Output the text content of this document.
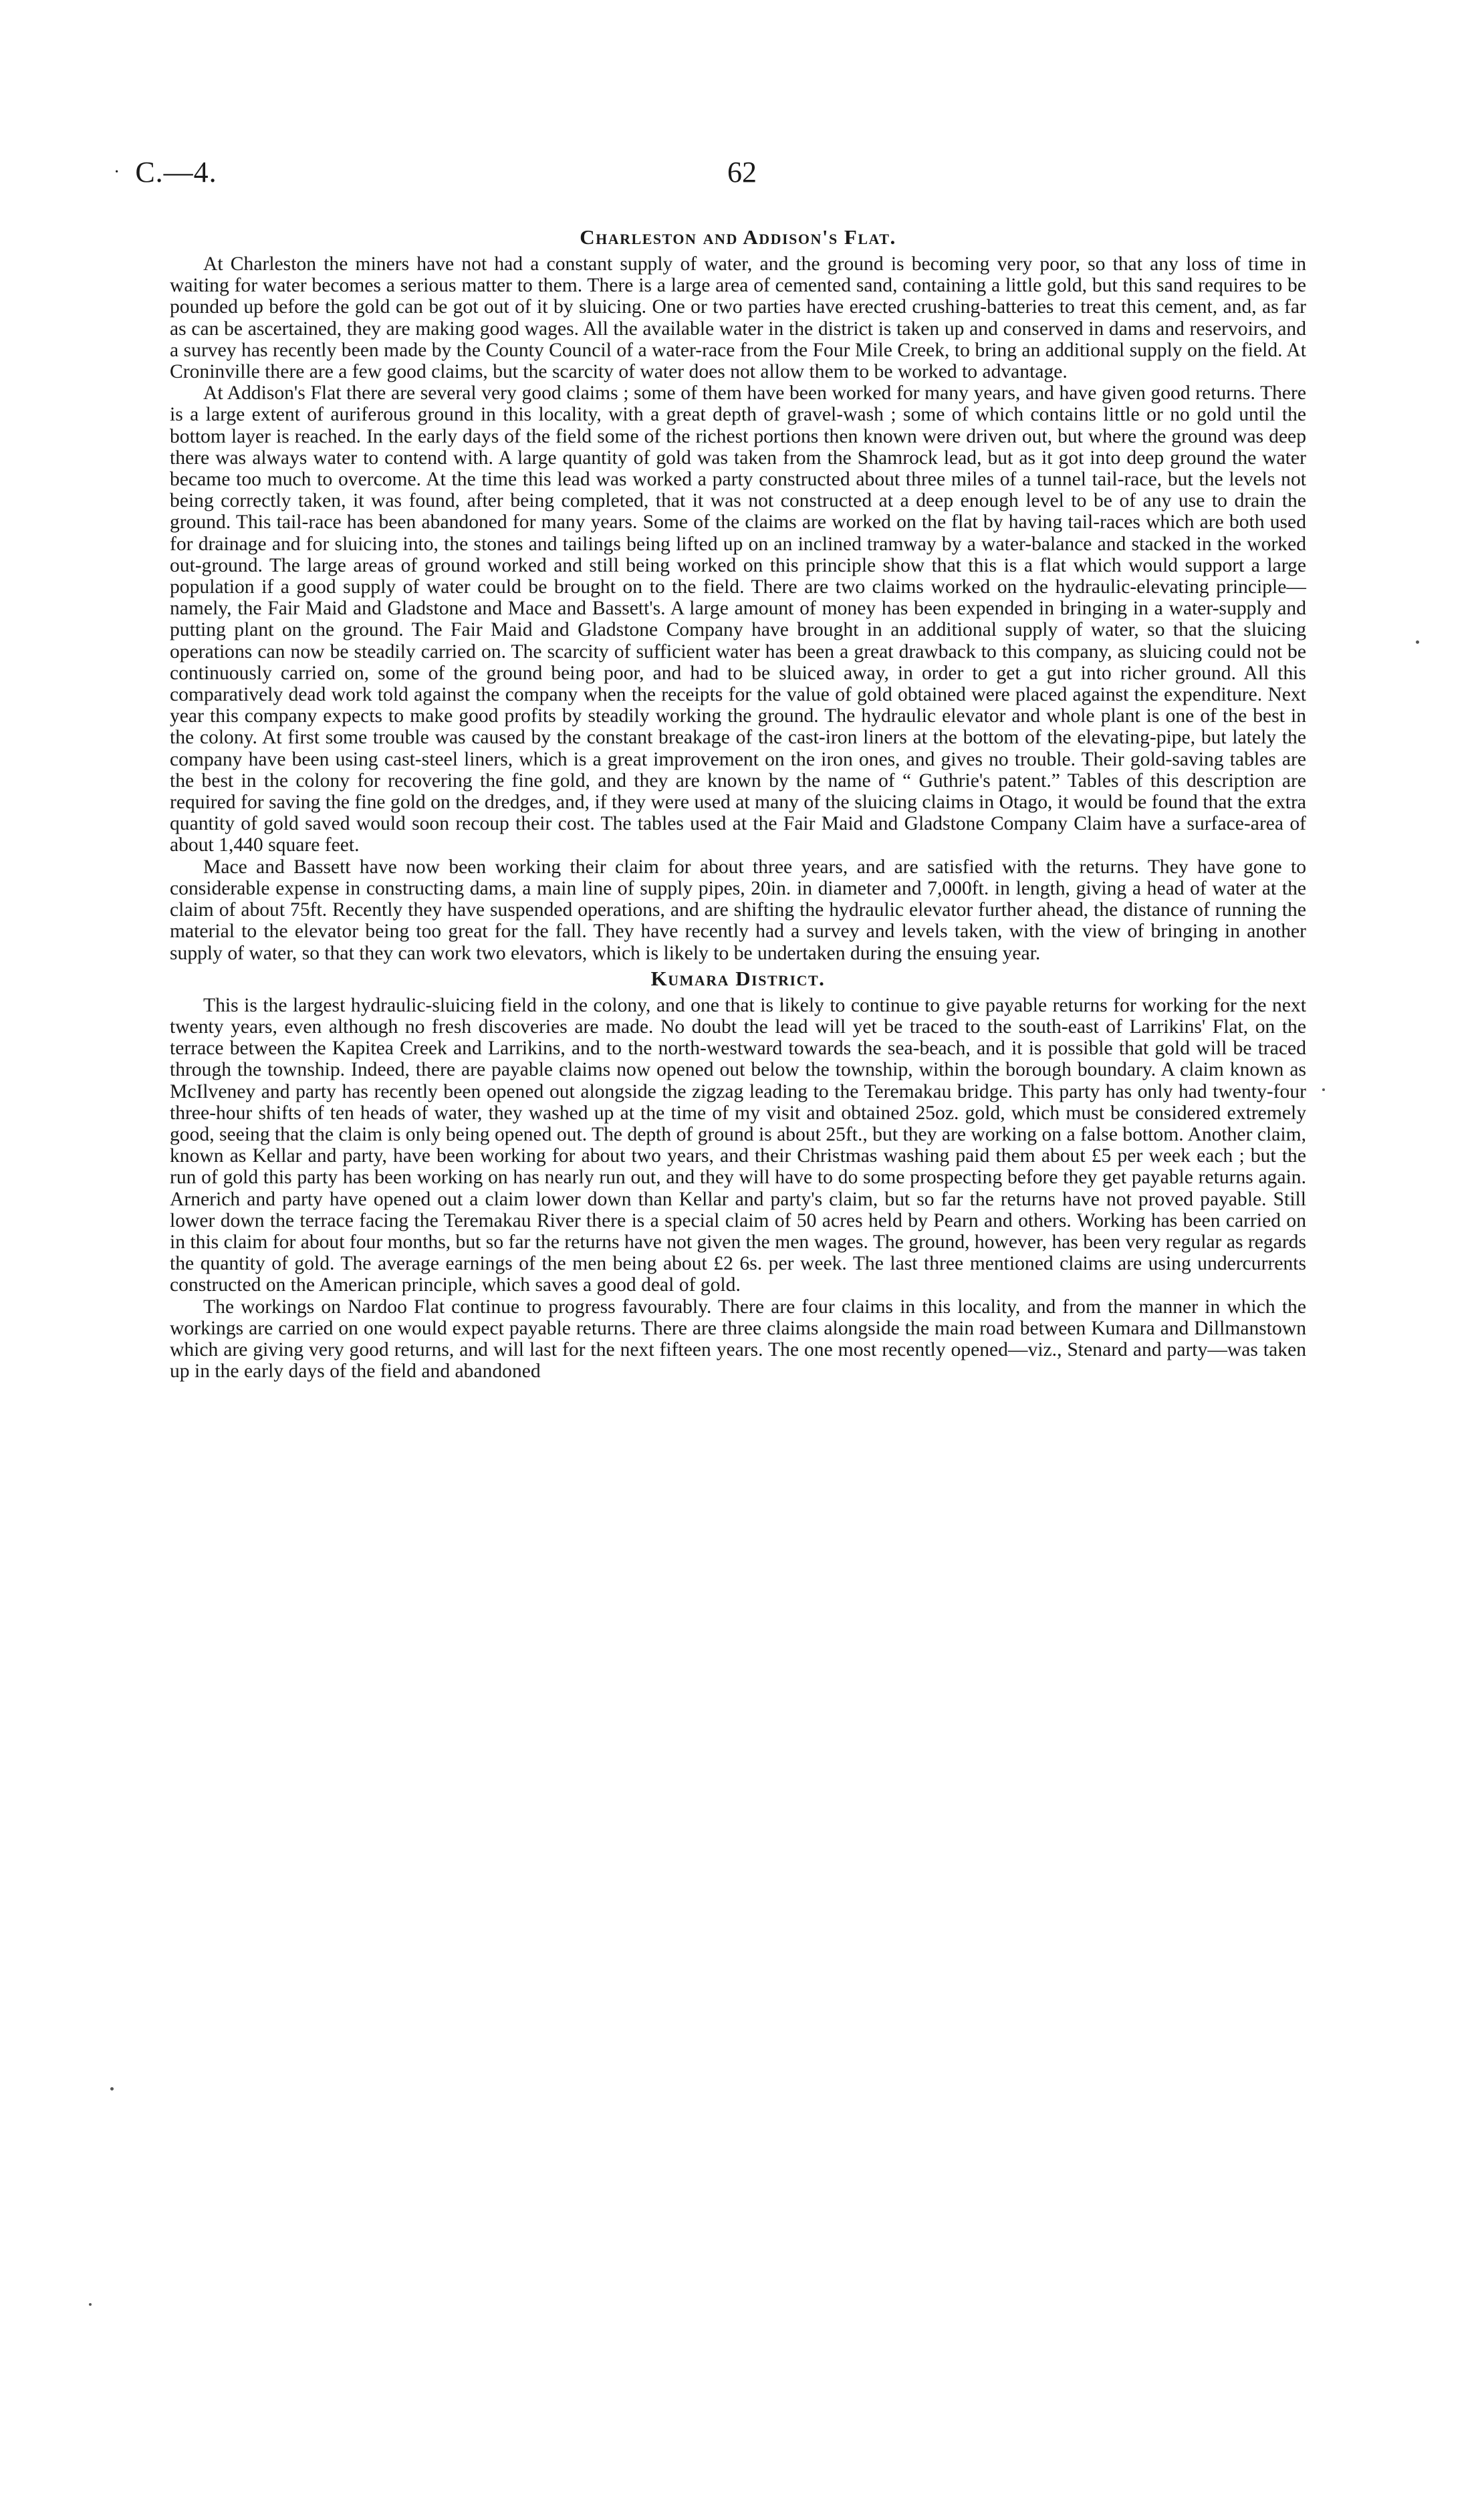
· C.—4.	62
Charleston and Addison's Flat.

At Charleston the miners have not had a constant supply of water, and the ground is becoming very poor, so that any loss of time in waiting for water becomes a serious matter to them. There is a large area of cemented sand, containing a little gold, but this sand requires to be pounded up before the gold can be got out of it by sluicing. One or two parties have erected crushing-batteries to treat this cement, and, as far as can be ascertained, they are making good wages. All the available water in the district is taken up and conserved in dams and reservoirs, and a survey has recently been made by the County Council of a water-race from the Four Mile Creek, to bring an additional supply on the field. At Croninville there are a few good claims, but the scarcity of water does not allow them to be worked to advantage.

At Addison's Flat there are several very good claims ; some of them have been worked for many years, and have given good returns. There is a large extent of auriferous ground in this locality, with a great depth of gravel-wash ; some of which contains little or no gold until the bottom layer is reached. In the early days of the field some of the richest portions then known were driven out, but where the ground was deep there was always water to contend with. A large quantity of gold was taken from the Shamrock lead, but as it got into deep ground the water became too much to overcome. At the time this lead was worked a party constructed about three miles of a tunnel tail-race, but the levels not being correctly taken, it was found, after being completed, that it was not constructed at a deep enough level to be of any use to drain the ground. This tail-race has been abandoned for many years. Some of the claims are worked on the flat by having tail-races which are both used for drainage and for sluicing into, the stones and tailings being lifted up on an inclined tramway by a water-balance and stacked in the worked out-ground. The large areas of ground worked and still being worked on this principle show that this is a flat which would support a large population if a good supply of water could be brought on to the field. There are two claims worked on the hydraulic-elevating principle—namely, the Fair Maid and Gladstone and Mace and Bassett's. A large amount of money has been expended in bringing in a water-supply and putting plant on the ground. The Fair Maid and Gladstone Company have brought in an additional supply of water, so that the sluicing operations can now be steadily carried on. The scarcity of sufficient water has been a great drawback to this company, as sluicing could not be continuously carried on, some of the ground being poor, and had to be sluiced away, in order to get a gut into richer ground. All this comparatively dead work told against the company when the receipts for the value of gold obtained were placed against the expenditure. Next year this company expects to make good profits by steadily working the ground. The hydraulic elevator and whole plant is one of the best in the colony. At first some trouble was caused by the constant breakage of the cast-iron liners at the bottom of the elevating-pipe, but lately the company have been using cast-steel liners, which is a great improvement on the iron ones, and gives no trouble. Their gold-saving tables are the best in the colony for recovering the fine gold, and they are known by the name of “ Guthrie's patent.” Tables of this description are required for saving the fine gold on the dredges, and, if they were used at many of the sluicing claims in Otago, it would be found that the extra quantity of gold saved would soon recoup their cost. The tables used at the Fair Maid and Gladstone Company Claim have a surface-area of about 1,440 square feet.

Mace and Bassett have now been working their claim for about three years, and are satisfied with the returns. They have gone to considerable expense in constructing dams, a main line of supply pipes, 20in. in diameter and 7,000ft. in length, giving a head of water at the claim of about 75ft. Recently they have suspended operations, and are shifting the hydraulic elevator further ahead, the distance of running the material to the elevator being too great for the fall. They have recently had a survey and levels taken, with the view of bringing in another supply of water, so that they can work two elevators, which is likely to be undertaken during the ensuing year.

Kumara District.

This is the largest hydraulic-sluicing field in the colony, and one that is likely to continue to give payable returns for working for the next twenty years, even although no fresh discoveries are made. No doubt the lead will yet be traced to the south-east of Larrikins' Flat, on the terrace between the Kapitea Creek and Larrikins, and to the north-westward towards the sea-beach, and it is possible that gold will be traced through the township. Indeed, there are payable claims now opened out below the township, within the borough boundary. A claim known as McIlveney and party has recently been opened out alongside the zigzag leading to the Teremakau bridge. This party has only had twenty-four three-hour shifts of ten heads of water, they washed up at the time of my visit and obtained 25oz. gold, which must be considered extremely good, seeing that the claim is only being opened out. The depth of ground is about 25ft., but they are working on a false bottom. Another claim, known as Kellar and party, have been working for about two years, and their Christmas washing paid them about £5 per week each ; but the run of gold this party has been working on has nearly run out, and they will have to do some prospecting before they get payable returns again. Arnerich and party have opened out a claim lower down than Kellar and party's claim, but so far the returns have not proved payable. Still lower down the terrace facing the Teremakau River there is a special claim of 50 acres held by Pearn and others. Working has been carried on in this claim for about four months, but so far the returns have not given the men wages. The ground, however, has been very regular as regards the quantity of gold. The average earnings of the men being about £2 6s. per week. The last three mentioned claims are using undercurrents constructed on the American principle, which saves a good deal of gold.

The workings on Nardoo Flat continue to progress favourably. There are four claims in this locality, and from the manner in which the workings are carried on one would expect payable returns. There are three claims alongside the main road between Kumara and Dillmanstown which are giving very good returns, and will last for the next fifteen years. The one most recently opened—viz., Stenard and party—was taken up in the early days of the field and abandoned
